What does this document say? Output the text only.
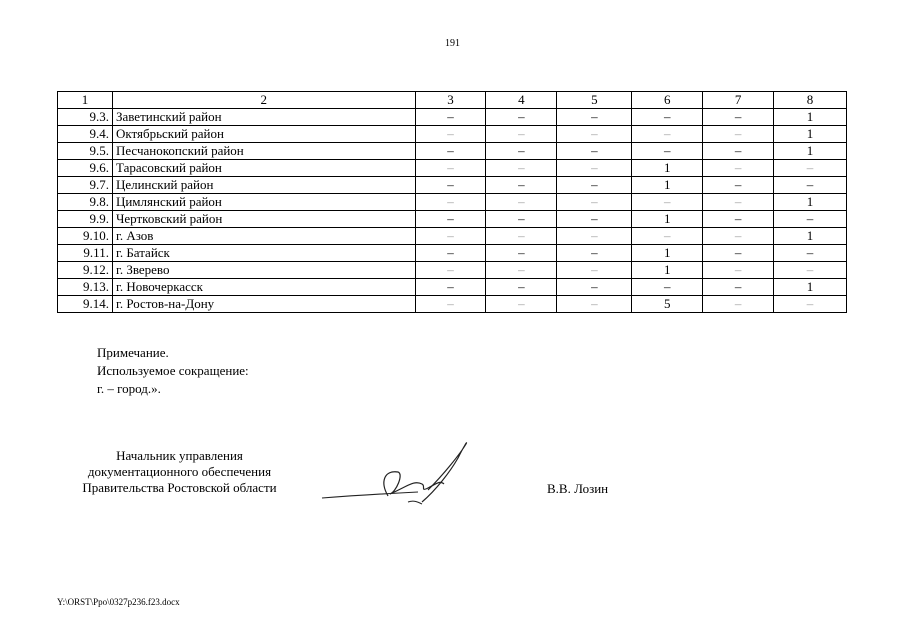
191
1	2	3	4	5	6	7	8
9.3.	Заветинский район	–	–	–	–	–	1
9.4.	Октябрьский район	–	–	–	–	–	1
9.5.	Песчанокопский район	–	–	–	–	–	1
9.6.	Тарасовский район	–	–	–	1	–	–
9.7.	Целинский район	–	–	–	1	–	–
9.8.	Цимлянский район	–	–	–	–	–	1
9.9.	Чертковский район	–	–	–	1	–	–
9.10.	г. Азов	–	–	–	–	–	1
9.11.	г. Батайск	–	–	–	1	–	–
9.12.	г. Зверево	–	–	–	1	–	–
9.13.	г. Новочеркасск	–	–	–	–	–	1
9.14.	г. Ростов-на-Дону	–	–	–	5	–	–
Примечание.
Используемое сокращение:
г. – город.».
Начальник управления
документационного обеспечения
Правительства Ростовской области	В.В. Лозин
Y:\ORST\Ppo\0327p236.f23.docx
